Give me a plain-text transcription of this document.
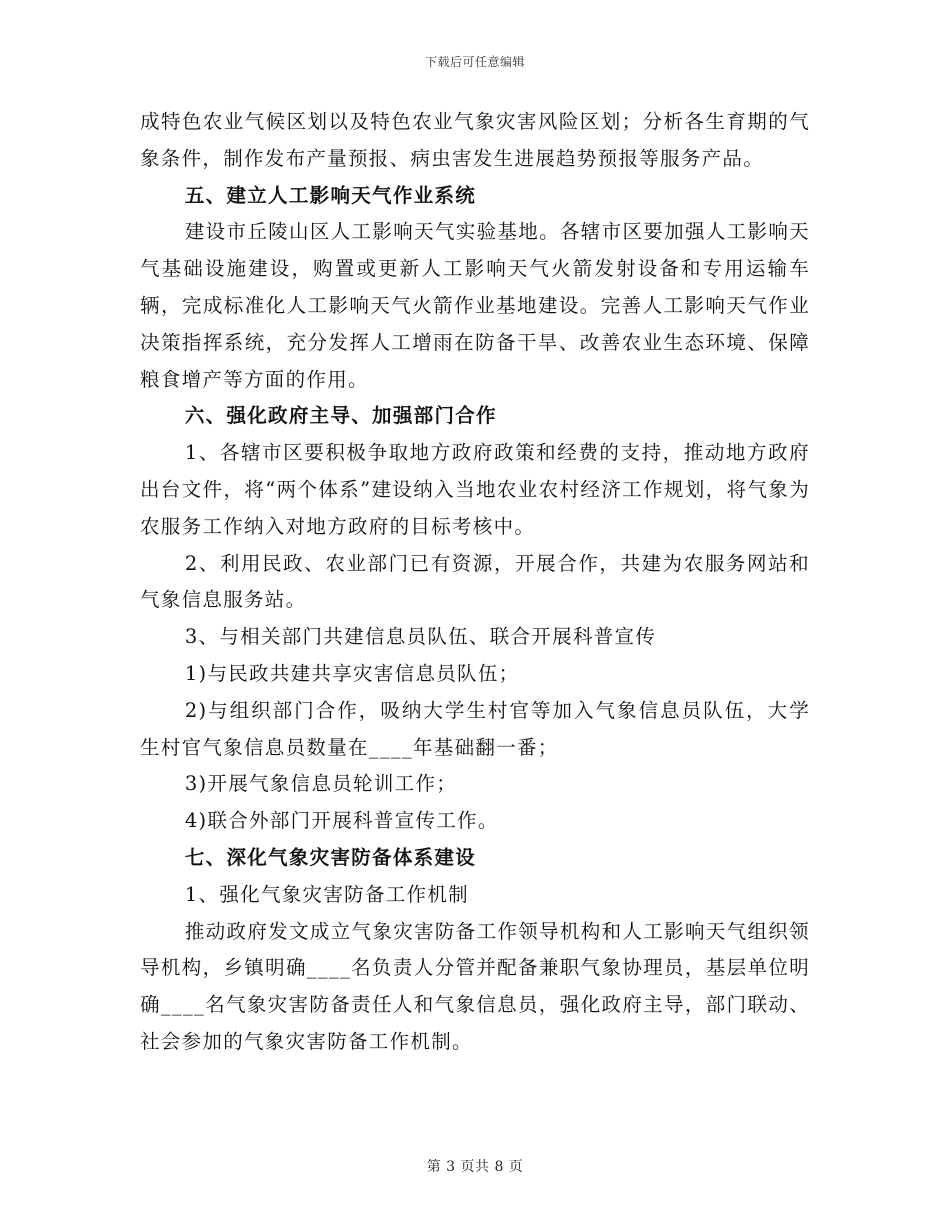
下载后可任意编辑

成特色农业气候区划以及特色农业气象灾害风险区划；分析各生育期的气象条件，制作发布产量预报、病虫害发生进展趋势预报等服务产品。

五、建立人工影响天气作业系统

建设市丘陵山区人工影响天气实验基地。各辖市区要加强人工影响天气基础设施建设，购置或更新人工影响天气火箭发射设备和专用运输车辆，完成标准化人工影响天气火箭作业基地建设。完善人工影响天气作业决策指挥系统，充分发挥人工增雨在防备干旱、改善农业生态环境、保障粮食增产等方面的作用。

六、强化政府主导、加强部门合作

1、各辖市区要积极争取地方政府政策和经费的支持，推动地方政府出台文件，将“两个体系”建设纳入当地农业农村经济工作规划，将气象为农服务工作纳入对地方政府的目标考核中。

2、利用民政、农业部门已有资源，开展合作，共建为农服务网站和气象信息服务站。

3、与相关部门共建信息员队伍、联合开展科普宣传

1)与民政共建共享灾害信息员队伍；

2)与组织部门合作，吸纳大学生村官等加入气象信息员队伍，大学生村官气象信息员数量在____年基础翻一番；

3)开展气象信息员轮训工作；

4)联合外部门开展科普宣传工作。

七、深化气象灾害防备体系建设

1、强化气象灾害防备工作机制

推动政府发文成立气象灾害防备工作领导机构和人工影响天气组织领导机构，乡镇明确____名负责人分管并配备兼职气象协理员，基层单位明确____名气象灾害防备责任人和气象信息员，强化政府主导，部门联动、社会参加的气象灾害防备工作机制。

第 3 页共 8 页
